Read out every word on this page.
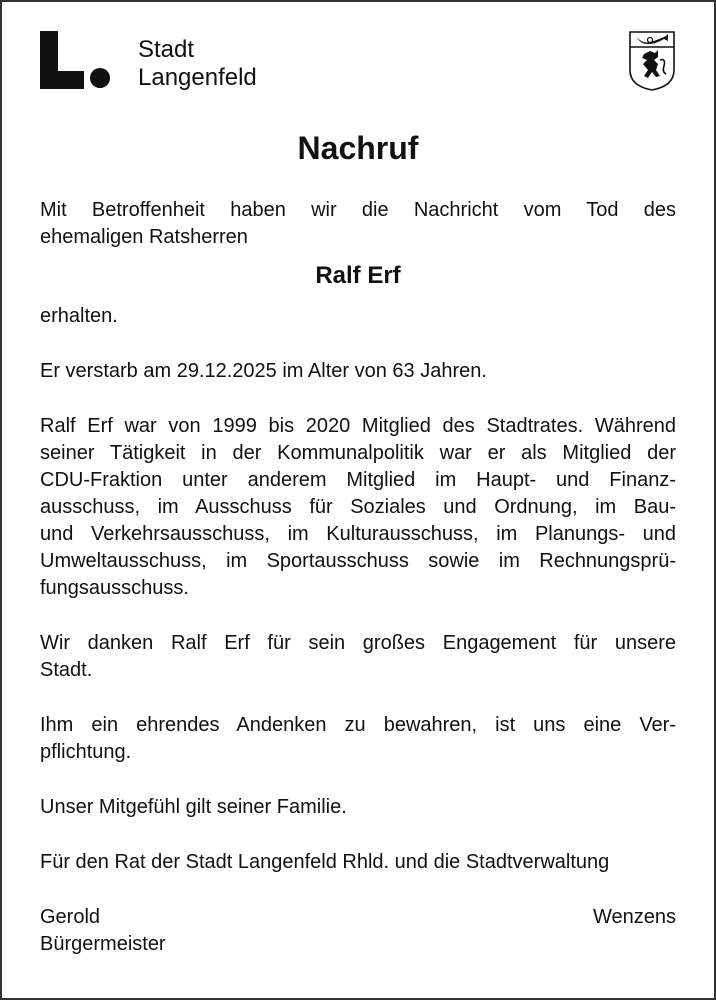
Stadt
Langenfeld
Nachruf
Mit Betroffenheit haben wir die Nachricht vom Tod des
ehemaligen Ratsherren
Ralf Erf
erhalten.
Er verstarb am 29.12.2025 im Alter von 63 Jahren.
Ralf Erf war von 1999 bis 2020 Mitglied des Stadtrates. Während
seiner Tätigkeit in der Kommunalpolitik war er als Mitglied der
CDU-Fraktion unter anderem Mitglied im Haupt- und Finanz-
ausschuss, im Ausschuss für Soziales und Ordnung, im Bau-
und Verkehrsausschuss, im Kulturausschuss, im Planungs- und
Umweltausschuss, im Sportausschuss sowie im Rechnungsprü-
fungsausschuss.
Wir danken Ralf Erf für sein großes Engagement für unsere
Stadt.
Ihm ein ehrendes Andenken zu bewahren, ist uns eine Ver-
pflichtung.
Unser Mitgefühl gilt seiner Familie.
Für den Rat der Stadt Langenfeld Rhld. und die Stadtverwaltung
Gerold Wenzens
Bürgermeister
